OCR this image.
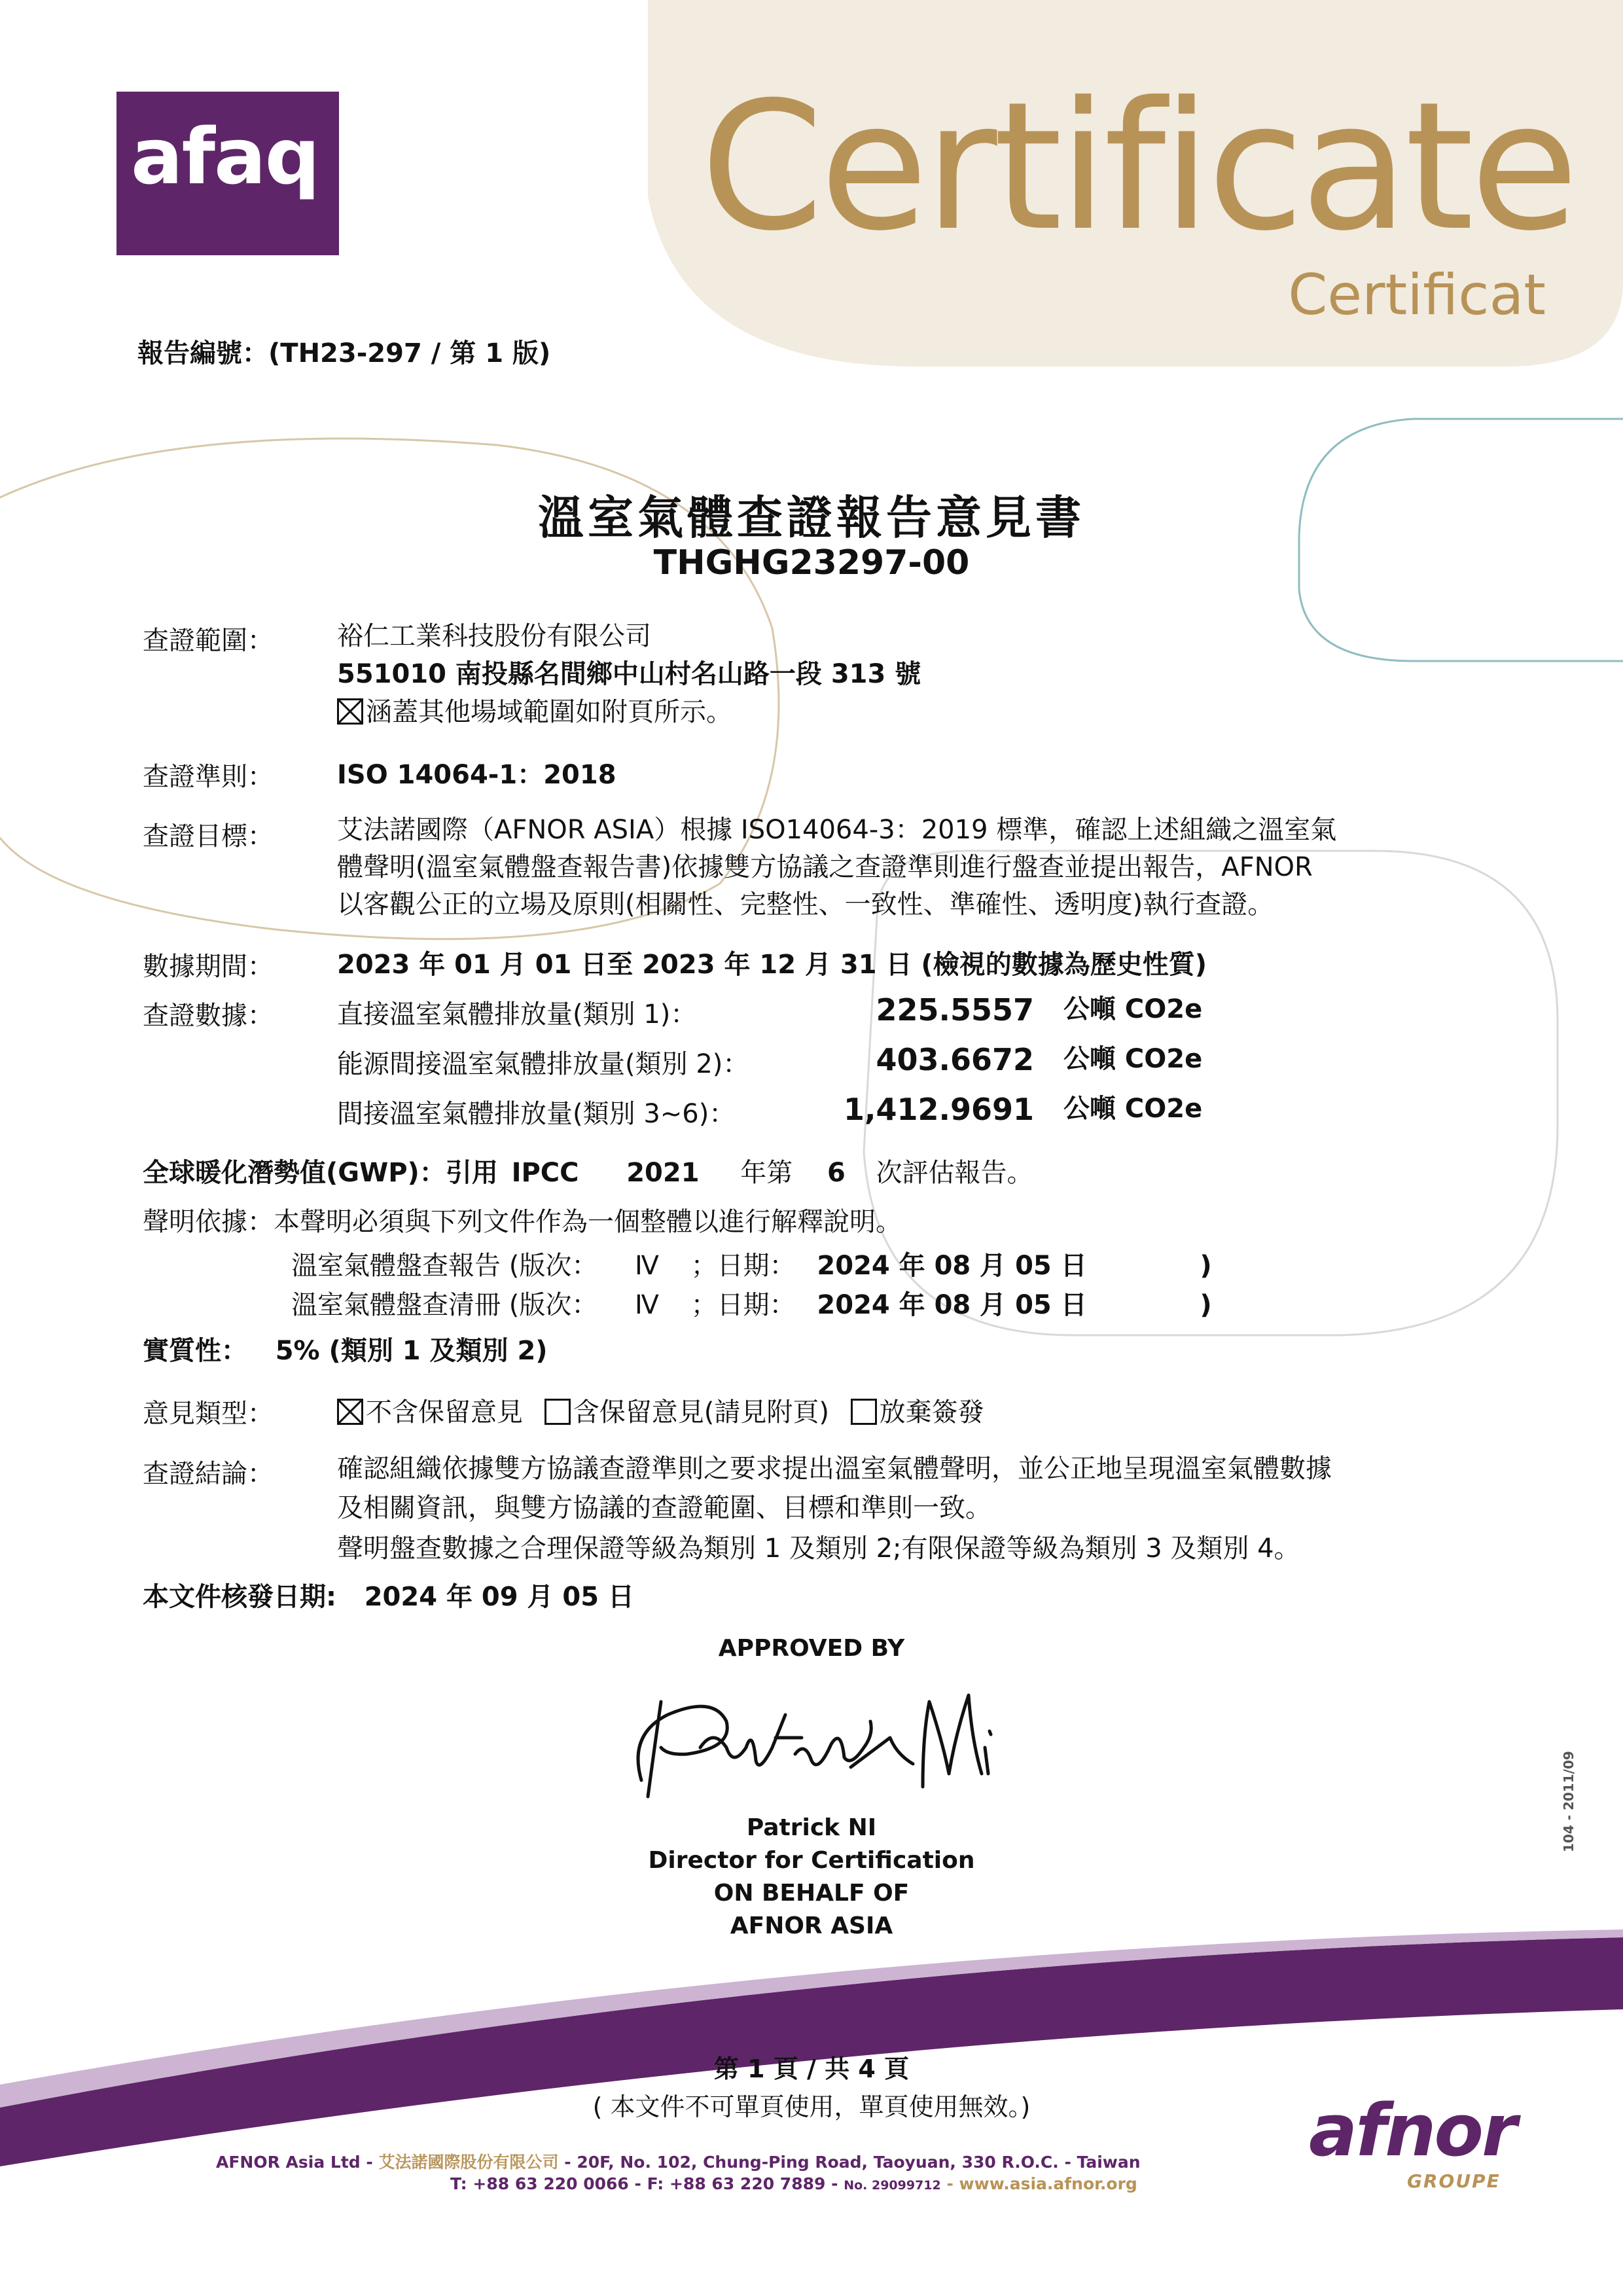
afaq Certificate
Certificat
報告編號：(TH23-297 / 第 1 版)
溫室氣體查證報告意見書
THGHG23297-00
查證範圍： 裕仁工業科技股份有限公司
551010 南投縣名間鄉中山村名山路一段 313 號
涵蓋其他場域範圍如附頁所示。
查證準則： ISO 14064-1：2018
查證目標： 艾法諾國際（AFNOR ASIA）根據 ISO14064-3：2019 標準，確認上述組織之溫室氣
體聲明(溫室氣體盤查報告書)依據雙方協議之查證準則進行盤查並提出報告，AFNOR
以客觀公正的立場及原則(相關性、完整性、一致性、準確性、透明度)執行查證。
數據期間： 2023 年 01 月 01 日至 2023 年 12 月 31 日 (檢視的數據為歷史性質)
查證數據： 直接溫室氣體排放量(類別 1)：	225.5557 公噸 CO2e
能源間接溫室氣體排放量(類別 2)：	403.6672 公噸 CO2e
間接溫室氣體排放量(類別 3~6)：	1,412.9691 公噸 CO2e
全球暖化潛勢值(GWP)：引用 IPCC 2021 年第 6 次評估報告。
聲明依據：本聲明必須與下列文件作為一個整體以進行解釋說明。
溫室氣體盤查報告 (版次： Ⅳ ；日期： 2024 年 08 月 05 日	)
溫室氣體盤查清冊 (版次： Ⅳ ；日期： 2024 年 08 月 05 日	)
實質性： 5% (類別 1 及類別 2)
意見類型：	不含保留意見 含保留意見(請見附頁) 放棄簽發
查證結論： 確認組織依據雙方協議查證準則之要求提出溫室氣體聲明，並公正地呈現溫室氣體數據
及相關資訊，與雙方協議的查證範圍、目標和準則一致。
聲明盤查數據之合理保證等級為類別 1 及類別 2;有限保證等級為類別 3 及類別 4。
本文件核發日期: 2024 年 09 月 05 日
APPROVED BY
Patrick NI
Director for Certification
ON BEHALF OF
AFNOR ASIA
104 - 2011/09
第 1 頁 / 共 4 頁
( 本文件不可單頁使用，單頁使用無效。)
AFNOR Asia Ltd - 艾法諾國際股份有限公司 - 20F, No. 102, Chung-Ping Road, Taoyuan, 330 R.O.C. - Taiwan
T: +88 63 220 0066 - F: +88 63 220 7889 - No. 29099712 - www.asia.afnor.org
afnor
GROUPE
